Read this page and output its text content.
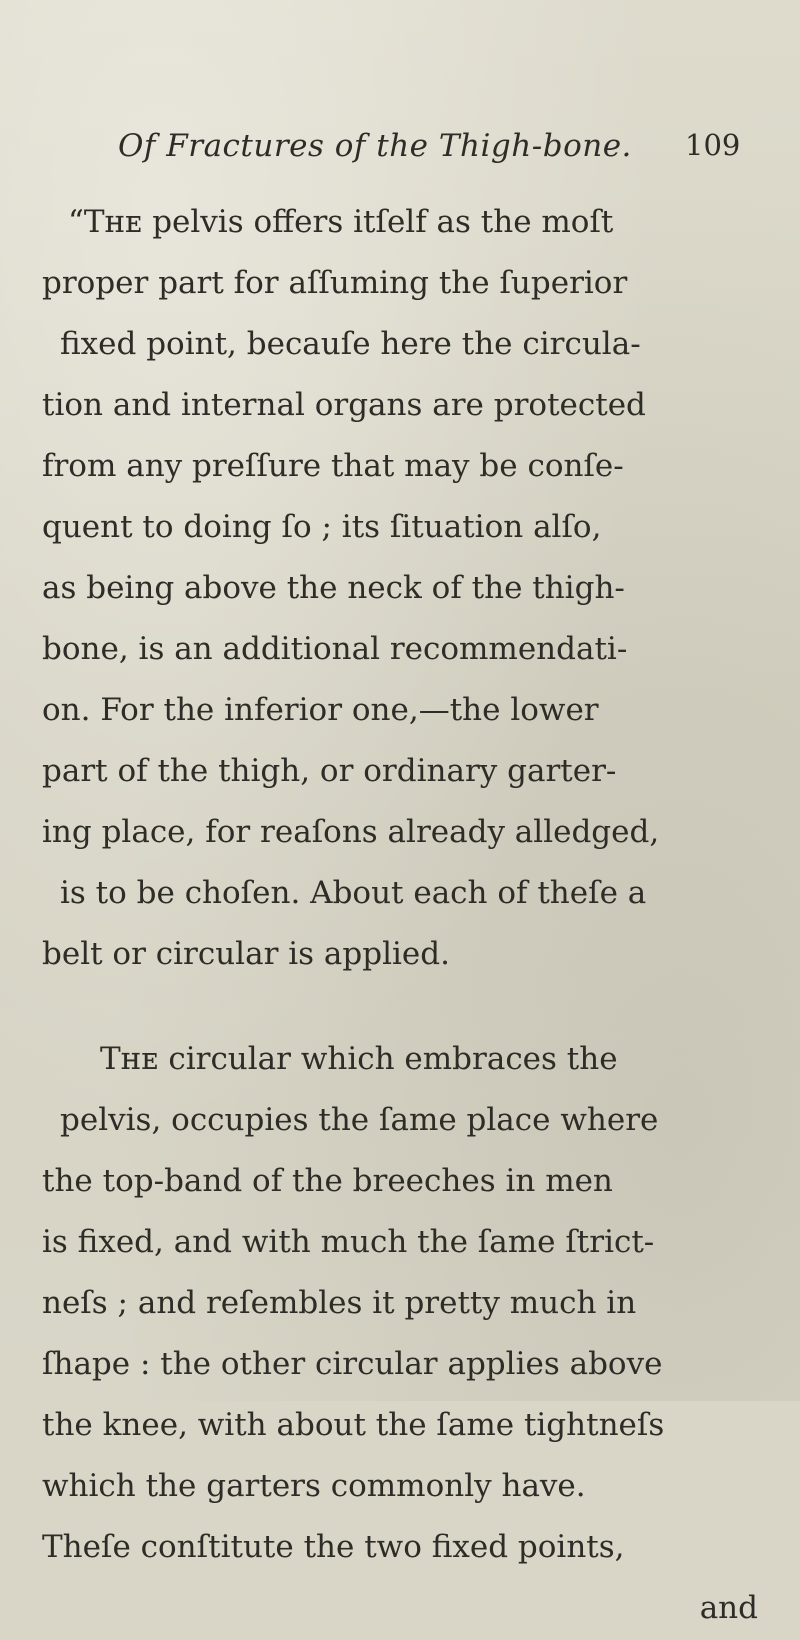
Of Fractures of the Thigh-bone. 109
“Tʜᴇ pelvis offers itſelf as the moſt
proper part for aſſuming the ſuperior
fixed point, becauſe here the circula-
tion and internal organs are protected
from any preſſure that may be conſe-
quent to doing ſo ; its ſituation alſo,
as being above the neck of the thigh-
bone, is an additional recommendati-
on. For the inferior one,—the lower
part of the thigh, or ordinary garter-
ing place, for reaſons already alledged,
is to be choſen. About each of theſe a
belt or circular is applied.
Tʜᴇ circular which embraces the
pelvis, occupies the ſame place where
the top-band of the breeches in men
is fixed, and with much the ſame ſtrict-
neſs ; and reſembles it pretty much in
ſhape : the other circular applies above
the knee, with about the ſame tightneſs
which the garters commonly have.
Theſe conſtitute the two fixed points,
and
